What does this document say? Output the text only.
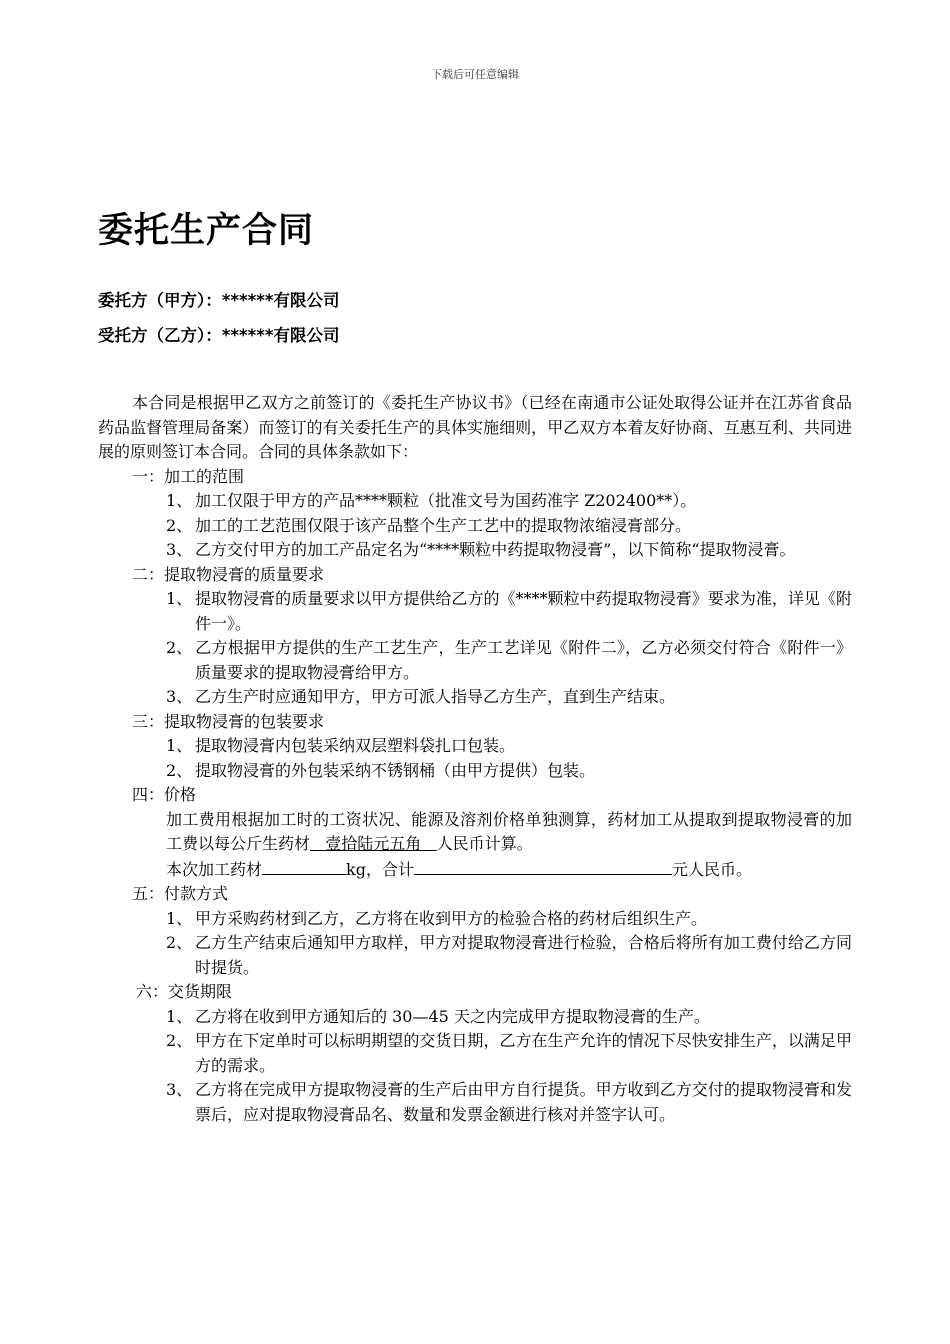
下载后可任意编辑
委托生产合同

委托方（甲方）：******有限公司

受托方（乙方）：******有限公司

本合同是根据甲乙双方之前签订的《委托生产协议书》（已经在南通市公证处取得公证并在江苏省食品药品监督管理局备案）而签订的有关委托生产的具体实施细则，甲乙双方本着友好协商、互惠互利、共同进展的原则签订本合同。合同的具体条款如下：

一：加工的范围

1、 加工仅限于甲方的产品****颗粒（批准文号为国药准字 Z202400**）。

2、 加工的工艺范围仅限于该产品整个生产工艺中的提取物浓缩浸膏部分。

3、 乙方交付甲方的加工产品定名为“****颗粒中药提取物浸膏”，以下简称“提取物浸膏。

二：提取物浸膏的质量要求

1、 提取物浸膏的质量要求以甲方提供给乙方的《****颗粒中药提取物浸膏》要求为准，详见《附件一》。

2、 乙方根据甲方提供的生产工艺生产，生产工艺详见《附件二》，乙方必须交付符合《附件一》质量要求的提取物浸膏给甲方。

3、 乙方生产时应通知甲方，甲方可派人指导乙方生产，直到生产结束。

三：提取物浸膏的包装要求

1、 提取物浸膏内包装采纳双层塑料袋扎口包装。

2、 提取物浸膏的外包装采纳不锈钢桶（由甲方提供）包装。

四：价格

加工费用根据加工时的工资状况、能源及溶剂价格单独测算，药材加工从提取到提取物浸膏的加工费以每公斤生药材 壹拾陆元五角 人民币计算。

本次加工药材	kg，合计	元人民币。

五：付款方式

1、 甲方采购药材到乙方，乙方将在收到甲方的检验合格的药材后组织生产。

2、 乙方生产结束后通知甲方取样，甲方对提取物浸膏进行检验，合格后将所有加工费付给乙方同时提货。

六：交货期限

1、 乙方将在收到甲方通知后的 30—45 天之内完成甲方提取物浸膏的生产。

2、 甲方在下定单时可以标明期望的交货日期，乙方在生产允许的情况下尽快安排生产，以满足甲方的需求。

3、 乙方将在完成甲方提取物浸膏的生产后由甲方自行提货。甲方收到乙方交付的提取物浸膏和发票后，应对提取物浸膏品名、数量和发票金额进行核对并签字认可。
